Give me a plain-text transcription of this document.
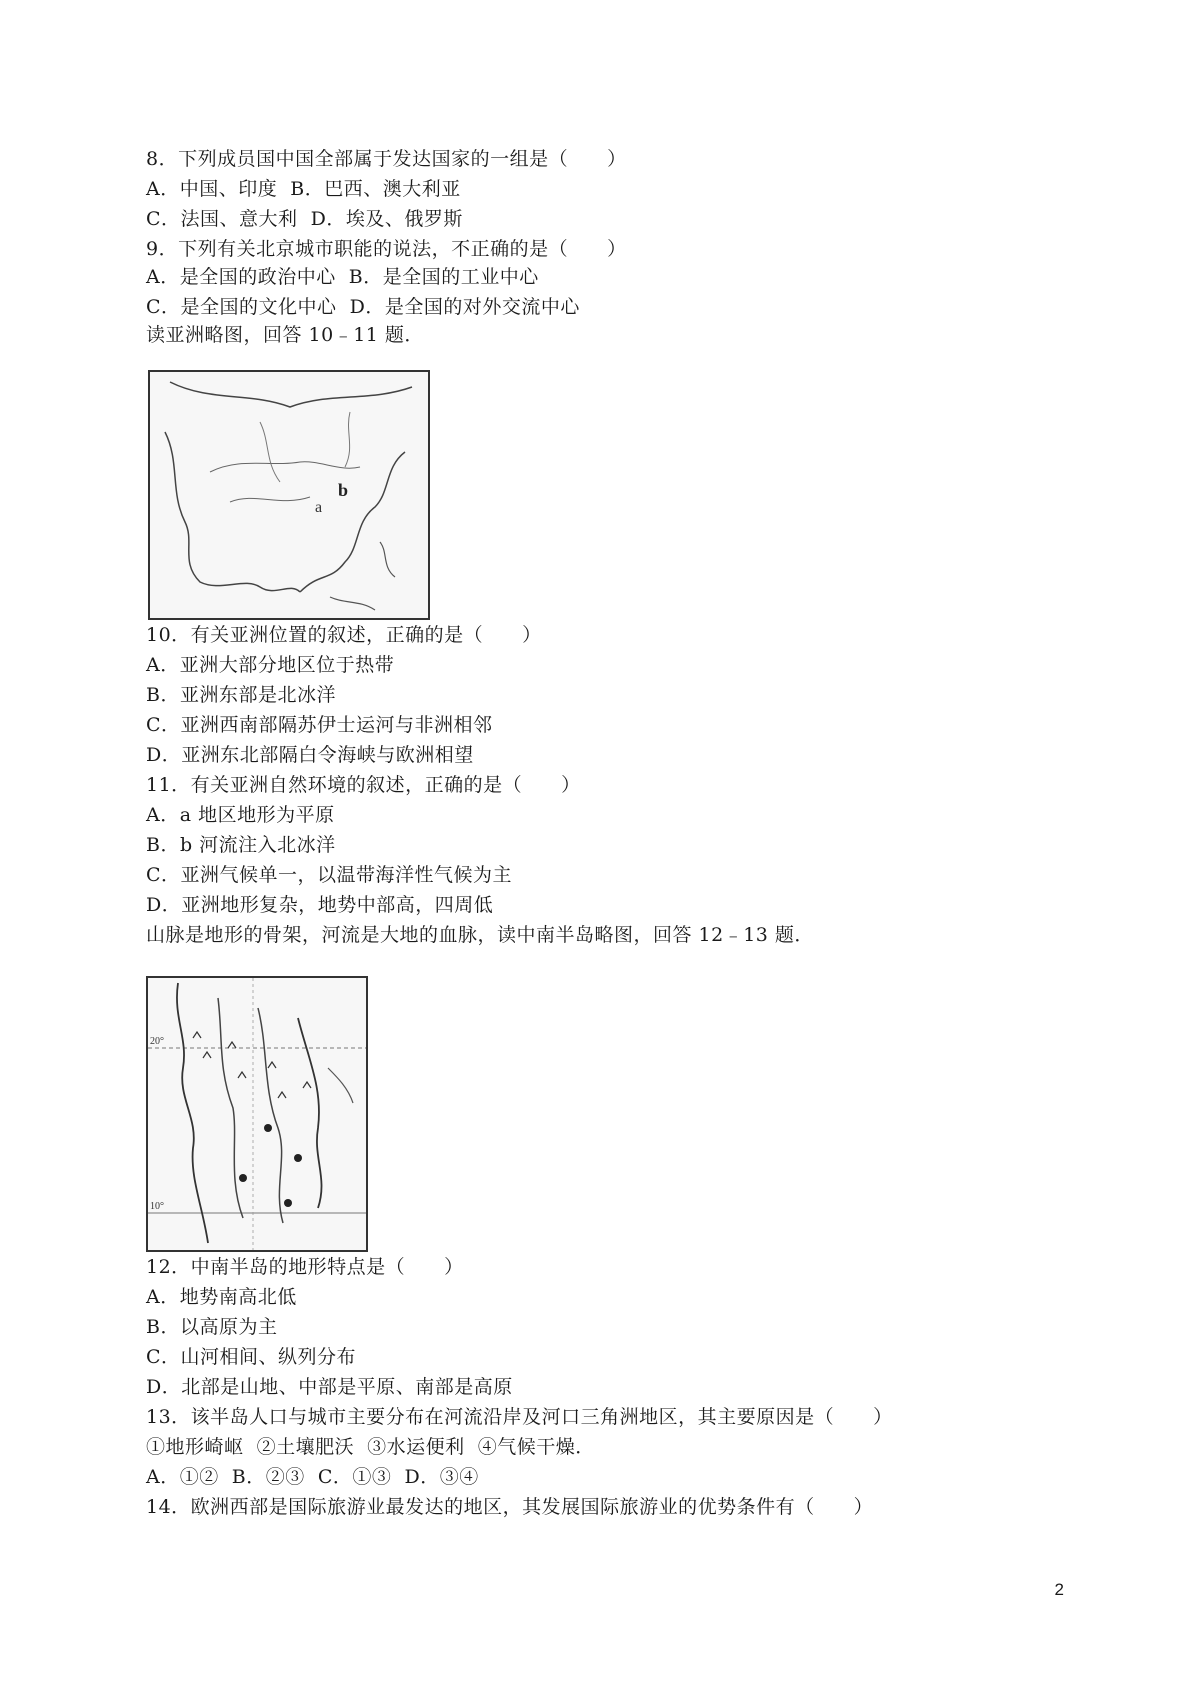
8．下列成员国中国全部属于发达国家的一组是（　　）
A．中国、印度  B．巴西、澳大利亚
C．法国、意大利  D．埃及、俄罗斯
9．下列有关北京城市职能的说法，不正确的是（　　）
A．是全国的政治中心  B．是全国的工业中心
C．是全国的文化中心  D．是全国的对外交流中心
读亚洲略图，回答 10﹣11 题．
a
b
10．有关亚洲位置的叙述，正确的是（　　）
A．亚洲大部分地区位于热带
B．亚洲东部是北冰洋
C．亚洲西南部隔苏伊士运河与非洲相邻
D．亚洲东北部隔白令海峡与欧洲相望
11．有关亚洲自然环境的叙述，正确的是（　　）
A．a 地区地形为平原
B．b 河流注入北冰洋
C．亚洲气候单一，以温带海洋性气候为主
D．亚洲地形复杂，地势中部高，四周低
山脉是地形的骨架，河流是大地的血脉，读中南半岛略图，回答 12﹣13 题．
20°
10°
12．中南半岛的地形特点是（　　）
A．地势南高北低
B．以高原为主
C．山河相间、纵列分布
D．北部是山地、中部是平原、南部是高原
13．该半岛人口与城市主要分布在河流沿岸及河口三角洲地区，其主要原因是（　　）
①地形崎岖  ②土壤肥沃  ③水运便利  ④气候干燥．
A．①②  B．②③  C．①③  D．③④
14．欧洲西部是国际旅游业最发达的地区，其发展国际旅游业的优势条件有（　　）
2
